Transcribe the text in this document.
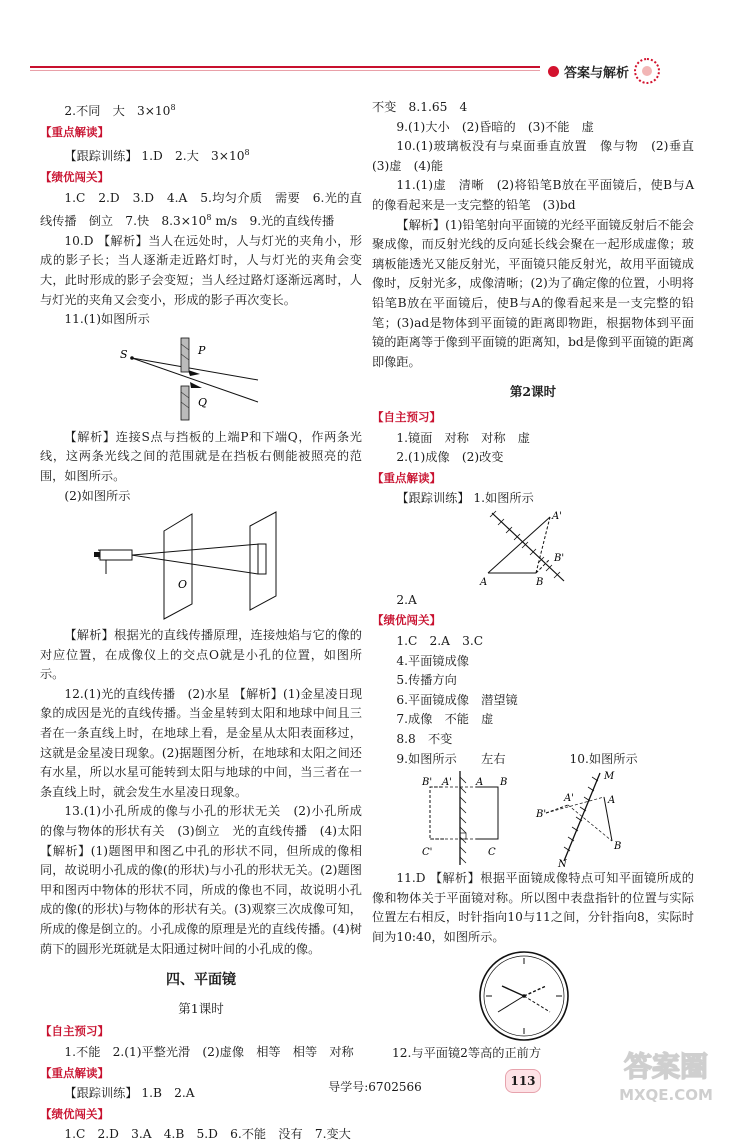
答案与解析

2.不同　大　$3\times 10^8$

【重点解读】

【跟踪训练】 1.D　2.大　$3\times 10^8$

【绩优闯关】

1.C　2.D　3.D　4.A　5.均匀介质　需要　6.光的直线传播　倒立　7.快　$8.3\times 10^8$ m/s　9.光的直线传播

10.D 【解析】当人在远处时，人与灯光的夹角小，形成的影子长；当人逐渐走近路灯时，人与灯光的夹角会变大，此时形成的影子会变短；当人经过路灯逐渐远离时，人与灯光的夹角又会变小，形成的影子再次变长。

11.(1)如图所示

S	P
Q

【解析】连接S点与挡板的上端P和下端Q，作两条光线，这两条光线之间的范围就是在挡板右侧能被照亮的范围，如图所示。

(2)如图所示

O

【解析】根据光的直线传播原理，连接烛焰与它的像的对应位置，在成像仪上的交点O就是小孔的位置，如图所示。

12.(1)光的直线传播　(2)水星 【解析】(1)金星凌日现象的成因是光的直线传播。当金星转到太阳和地球中间且三者在一条直线上时，在地球上看，是金星从太阳表面移过，这就是金星凌日现象。(2)据题图分析，在地球和太阳之间还有水星，所以水星可能转到太阳与地球的中间，当三者在一条直线上时，就会发生水星凌日现象。

13.(1)小孔所成的像与小孔的形状无关　(2)小孔所成的像与物体的形状有关　(3)倒立　光的直线传播　(4)太阳 【解析】(1)题图甲和图乙中孔的形状不同，但所成的像相同，故说明小孔成的像(的形状)与小孔的形状无关。(2)题图甲和图丙中物体的形状不同，所成的像也不同，故说明小孔成的像(的形状)与物体的形状有关。(3)观察三次成像可知，所成的像是倒立的。小孔成像的原理是光的直线传播。(4)树荫下的圆形光斑就是太阳通过树叶间的小孔成的像。

四、平面镜

第1课时

【自主预习】

1.不能　2.(1)平整光滑　(2)虚像　相等　相等　对称

【重点解读】

【跟踪训练】 1.B　2.A

【绩优闯关】

1.C　2.D　3.A　4.B　5.D　6.不能　没有　7.变大

不变　8.1.65　4

9.(1)大小　(2)昏暗的　(3)不能　虚

10.(1)玻璃板没有与桌面垂直放置　像与物　(2)垂直　(3)虚　(4)能

11.(1)虚　清晰　(2)将铅笔B放在平面镜后，使B与A的像看起来是一支完整的铅笔　(3)bd

【解析】(1)铅笔射向平面镜的光经平面镜反射后不能会聚成像，而反射光线的反向延长线会聚在一起形成虚像；玻璃板能透光又能反射光，平面镜只能反射光，故用平面镜成像时，反射光多，成像清晰；(2)为了确定像的位置，小明将铅笔B放在平面镜后，使B与A的像看起来是一支完整的铅笔；(3)ad是物体到平面镜的距离即物距，根据物体到平面镜的距离等于像到平面镜的距离知，bd是像到平面镜的距离即像距。

第2课时

【自主预习】

1.镜面　对称　对称　虚

2.(1)成像　(2)改变

【重点解读】

【跟踪训练】 1.如图所示

A	B
A'
B'

2.A

【绩优闯关】

1.C　2.A　3.C

4.平面镜成像

5.传播方向

6.平面镜成像　潜望镜

7.成像　不能　虚

8.8　不变

9.如图所示　　左右	10.如图所示

B' A' A B
C'	C
M
A
B'
A'
B
N

11.D 【解析】根据平面镜成像特点可知平面镜所成的像和物体关于平面镜对称。所以图中表盘指针的位置与实际位置左右相反，时针指向10与11之间，分针指向8，实际时间为10:40，如图所示。

12.与平面镜2等高的正前方

导学号:6702566	113	答案圈
MXQE.COM
